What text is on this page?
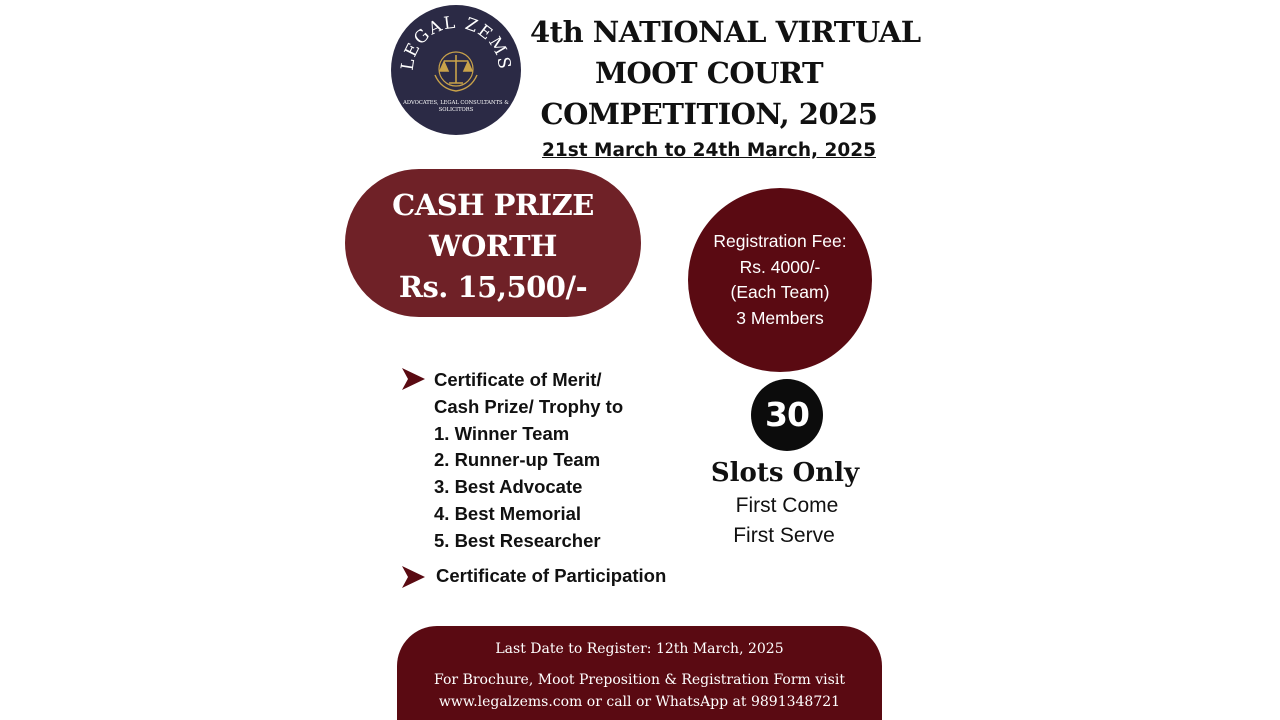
LEGAL ZEMS
ADVOCATES, LEGAL CONSULTANTS &
SOLICITORS
4th NATIONAL VIRTUAL
MOOT COURT
COMPETITION, 2025
21st March to 24th March, 2025
CASH PRIZE
WORTH
Rs. 15,500/-
Registration Fee:
Rs. 4000/-
(Each Team)
3 Members
Certificate of Merit/
Cash Prize/ Trophy to
1. Winner Team
2. Runner-up Team
3. Best Advocate
4. Best Memorial
5. Best Researcher
Certificate of Participation
30
Slots Only
First Come
First Serve
Last Date to Register: 12th March, 2025
For Brochure, Moot Preposition & Registration Form visit
www.legalzems.com or call or WhatsApp at 9891348721
